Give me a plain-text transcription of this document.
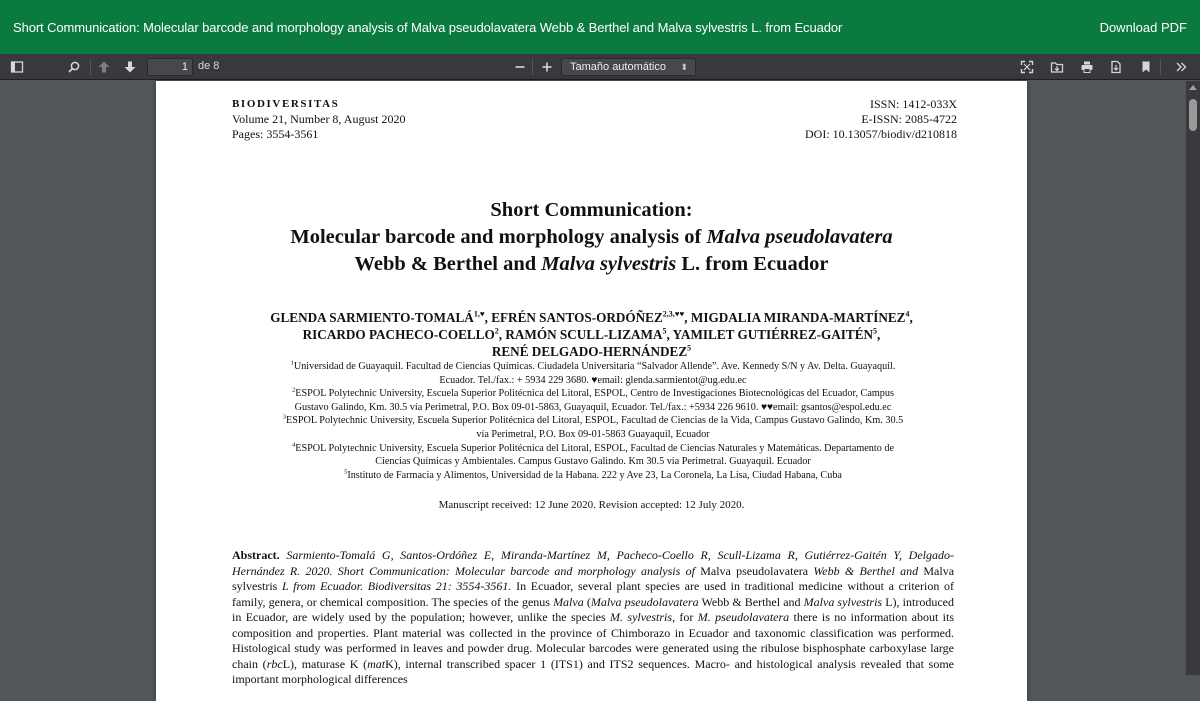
Short Communication: Molecular barcode and morphology analysis of Malva pseudolavatera Webb & Berthel and Malva sylvestris L. from Ecuador	Download PDF
1 de 8	Tamaño automático ⬍
BIODIVERSITAS
Volume 21, Number 8, August 2020
Pages: 3554-3561
ISSN: 1412-033X
E-ISSN: 2085-4722
DOI: 10.13057/biodiv/d210818
Short Communication:
Molecular barcode and morphology analysis of Malva pseudolavatera
Webb & Berthel and Malva sylvestris L. from Ecuador
GLENDA SARMIENTO-$TOMALÁ^{1,♥}$, EFRÉN SANTOS-$ORDÓÑEZ^{2,3,♥♥}$, MIGDALIA MIRANDA-MARTÍNEZ$^4$,
RICARDO PACHECO-COELLO$^2$, RAMÓN SCULL-LIZAMA$^5$, YAMILET GUTIÉRREZ-GAITÉN$^5$,
RENÉ DELGADO-HERNÁNDEZ$^5$

$^1$Universidad de Guayaquil. Facultad de Ciencias Químicas. Ciudadela Universitaria “Salvador Allende”. Ave. Kennedy S/N y Av. Delta. Guayaquil.

Ecuador. Tel./fax.: + 5934 229 3680. ♥email: glenda.sarmientot@ug.edu.ec

$^2$ESPOL Polytechnic University, Escuela Superior Politécnica del Litoral, ESPOL, Centro de Investigaciones Biotecnológicas del Ecuador, Campus

Gustavo Galindo, Km. 30.5 vía Perimetral, P.O. Box 09-01-5863, Guayaquil, Ecuador. Tel./fax.: +5934 226 9610. ♥♥email: gsantos@espol.edu.ec

$^3$ESPOL Polytechnic University, Escuela Superior Politécnica del Litoral, ESPOL, Facultad de Ciencias de la Vida, Campus Gustavo Galindo, Km. 30.5

vía Perimetral, P.O. Box 09-01-5863 Guayaquil, Ecuador

$^4$ESPOL Polytechnic University, Escuela Superior Politécnica del Litoral, ESPOL, Facultad de Ciencias Naturales y Matemáticas. Departamento de

Ciencias Químicas y Ambientales. Campus Gustavo Galindo. Km 30.5 vía Perimetral. Guayaquil. Ecuador

$^5$Instituto de Farmacia y Alimentos, Universidad de la Habana. 222 y Ave 23, La Coronela, La Lisa, Ciudad Habana, Cuba

Manuscript received: 12 June 2020. Revision accepted: 12 July 2020.
Abstract. Sarmiento-Tomalá G, Santos-Ordóñez E, Miranda-Martínez M, Pacheco-Coello R, Scull-Lizama R, Gutiérrez-Gaitén Y, Delgado-Hernández R. 2020. Short Communication: Molecular barcode and morphology analysis of Malva pseudolavatera Webb & Berthel and Malva sylvestris L from Ecuador. Biodiversitas 21: 3554-3561. In Ecuador, several plant species are used in traditional medicine without a criterion of family, genera, or chemical composition. The species of the genus Malva (Malva pseudolavatera Webb & Berthel and Malva sylvestris L), introduced in Ecuador, are widely used by the population; however, unlike the species M. sylvestris, for M. pseudolavatera there is no information about its composition and properties. Plant material was collected in the province of Chimborazo in Ecuador and taxonomic classification was performed. Histological study was performed in leaves and powder drug. Molecular barcodes were generated using the ribulose bisphosphate carboxylase large chain (rbcL), maturase K (matK), internal transcribed spacer 1 (ITS1) and ITS2 sequences. Macro- and histological analysis revealed that some important morphological differences
